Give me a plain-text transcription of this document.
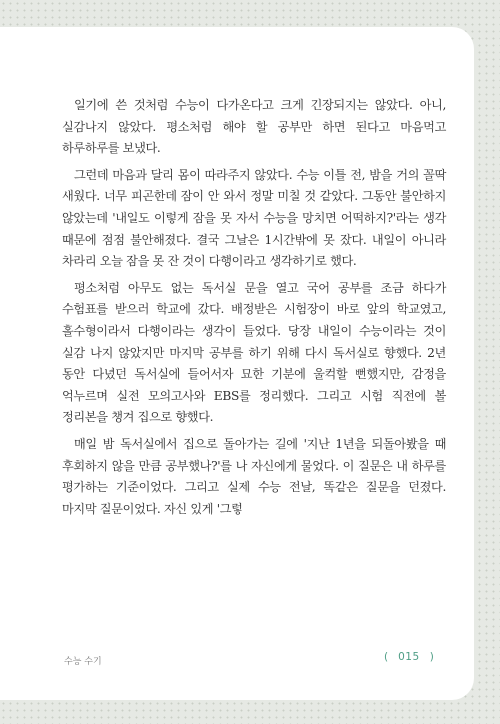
일기에 쓴 것처럼 수능이 다가온다고 크게 긴장되지는 않았다. 아니, 실감나지 않았다. 평소처럼 해야 할 공부만 하면 된다고 마음먹고 하루하루를 보냈다.

그런데 마음과 달리 몸이 따라주지 않았다. 수능 이틀 전, 밤을 거의 꼴딱 새웠다. 너무 피곤한데 잠이 안 와서 정말 미칠 것 같았다. 그동안 불안하지 않았는데 '내일도 이렇게 잠을 못 자서 수능을 망치면 어떡하지?'라는 생각 때문에 점점 불안해졌다. 결국 그날은 1시간밖에 못 잤다. 내일이 아니라 차라리 오늘 잠을 못 잔 것이 다행이라고 생각하기로 했다.

평소처럼 아무도 없는 독서실 문을 열고 국어 공부를 조금 하다가 수험표를 받으러 학교에 갔다. 배정받은 시험장이 바로 앞의 학교였고, 홀수형이라서 다행이라는 생각이 들었다. 당장 내일이 수능이라는 것이 실감 나지 않았지만 마지막 공부를 하기 위해 다시 독서실로 향했다. 2년 동안 다녔던 독서실에 들어서자 묘한 기분에 울컥할 뻔했지만, 감정을 억누르며 실전 모의고사와 EBS를 정리했다. 그리고 시험 직전에 볼 정리본을 챙겨 집으로 향했다.

매일 밤 독서실에서 집으로 돌아가는 길에 '지난 1년을 되돌아봤을 때 후회하지 않을 만큼 공부했나?'를 나 자신에게 물었다. 이 질문은 내 하루를 평가하는 기준이었다. 그리고 실제 수능 전날, 똑같은 질문을 던졌다. 마지막 질문이었다. 자신 있게 '그렇

수능 수기	( 015 )
